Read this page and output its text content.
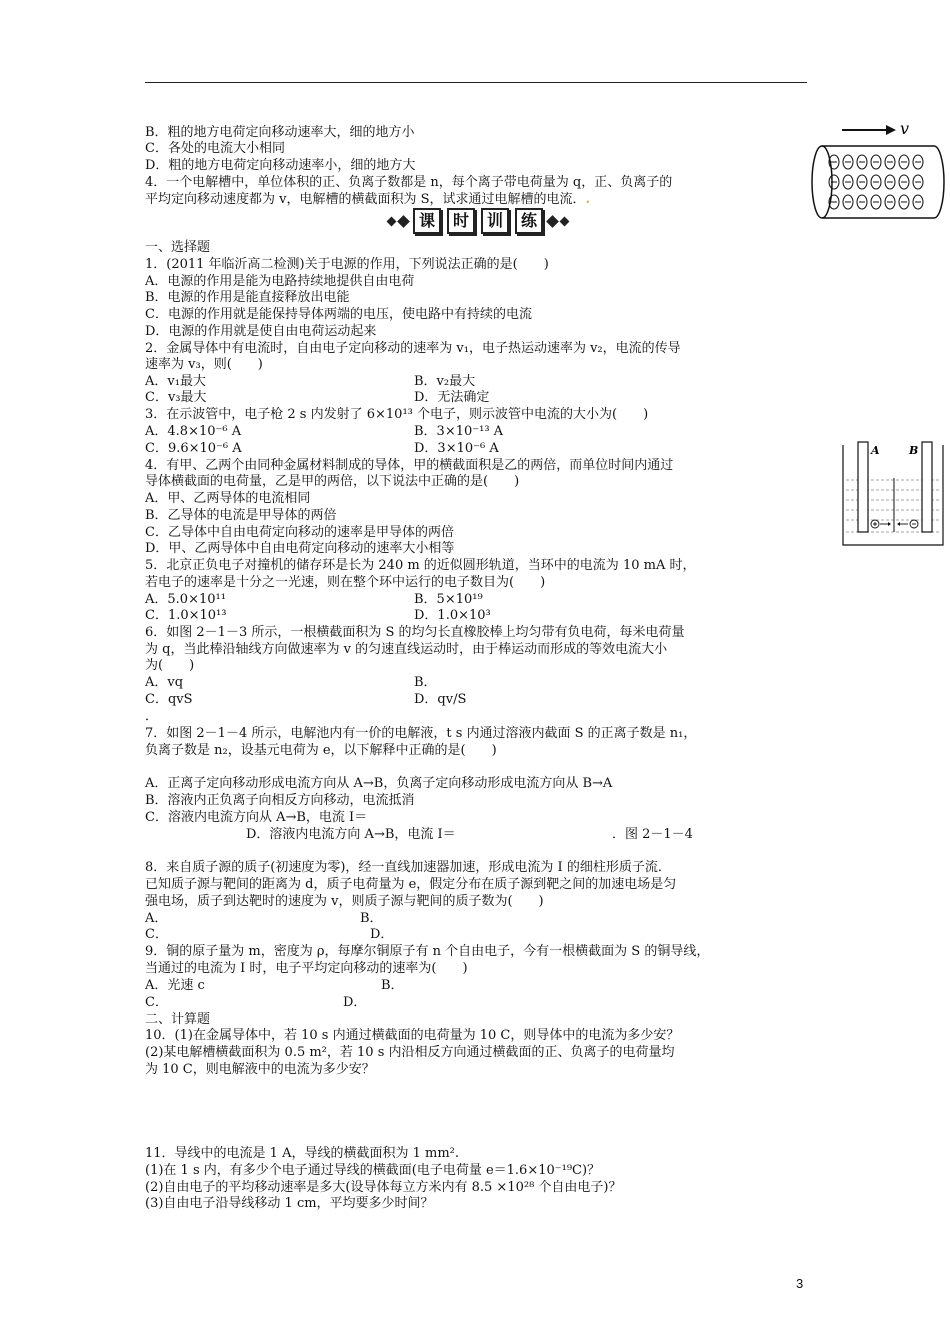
B．粗的地方电荷定向移动速率大，细的地方小
C．各处的电流大小相同
D．粗的地方电荷定向移动速率小，细的地方大
4．一个电解槽中，单位体积的正、负离子数都是 n，每个离子带电荷量为 q，正、负离子的
平均定向移动速度都为 v，电解槽的横截面积为 S，试求通过电解槽的电流．.
课	时	训	练
一、选择题
1．(2011 年临沂高二检测)关于电源的作用，下列说法正确的是(　　)
A．电源的作用是能为电路持续地提供自由电荷
B．电源的作用是能直接释放出电能
C．电源的作用就是能保持导体两端的电压，使电路中有持续的电流
D．电源的作用就是使自由电荷运动起来
2．金属导体中有电流时，自由电子定向移动的速率为 v₁，电子热运动速率为 v₂，电流的传导
速率为 v₃，则(　　)
A．v₁最大	B．v₂最大
C．v₃最大	D．无法确定
3．在示波管中，电子枪 2 s 内发射了 6×10¹³ 个电子，则示波管中电流的大小为(　　)
A．4.8×10⁻⁶ A	B．3×10⁻¹³ A
C．9.6×10⁻⁶ A	D．3×10⁻⁶ A
4．有甲、乙两个由同种金属材料制成的导体，甲的横截面积是乙的两倍，而单位时间内通过
导体横截面的电荷量，乙是甲的两倍，以下说法中正确的是(　　)
A．甲、乙两导体的电流相同
B．乙导体的电流是甲导体的两倍
C．乙导体中自由电荷定向移动的速率是甲导体的两倍
D．甲、乙两导体中自由电荷定向移动的速率大小相等
5．北京正负电子对撞机的储存环是长为 240 m 的近似圆形轨道，当环中的电流为 10 mA 时，
若电子的速率是十分之一光速，则在整个环中运行的电子数目为(　　)
A．5.0×10¹¹	B．5×10¹⁹
C．1.0×10¹³	D．1.0×10³
6．如图 2－1－3 所示，一根横截面积为 S 的均匀长直橡胶棒上均匀带有负电荷，每米电荷量
为 q，当此棒沿轴线方向做速率为 v 的匀速直线运动时，由于棒运动而形成的等效电流大小
为(　　)
A．vq	B．
C．qvS	D．qv/S
．
7．如图 2－1－4 所示，电解池内有一价的电解液，t s 内通过溶液内截面 S 的正离子数是 n₁，
负离子数是 n₂，设基元电荷为 e，以下解释中正确的是(　　)
A．正离子定向移动形成电流方向从 A→B，负离子定向移动形成电流方向从 B→A
B．溶液内正负离子向相反方向移动，电流抵消
C．溶液内电流方向从 A→B，电流 I＝
D．溶液内电流方向 A→B，电流 I＝	．图 2－1－4
8．来自质子源的质子(初速度为零)，经一直线加速器加速，形成电流为 I 的细柱形质子流．
已知质子源与靶间的距离为 d，质子电荷量为 e，假定分布在质子源到靶之间的加速电场是匀
强电场，质子到达靶时的速度为 v，则质子源与靶间的质子数为(　　)
A．	B．
C．	D．
9．铜的原子量为 m，密度为 ρ，每摩尔铜原子有 n 个自由电子，今有一根横截面为 S 的铜导线，
当通过的电流为 I 时，电子平均定向移动的速率为(　　)
A．光速 c	B．
C．	D．
二、计算题
10．(1)在金属导体中，若 10 s 内通过横截面的电荷量为 10 C，则导体中的电流为多少安？
(2)某电解槽横截面积为 0.5 m²，若 10 s 内沿相反方向通过横截面的正、负离子的电荷量均
为 10 C，则电解液中的电流为多少安？
11．导线中的电流是 1 A，导线的横截面积为 1 mm².
(1)在 1 s 内，有多少个电子通过导线的横截面(电子电荷量 e＝1.6×10⁻¹⁹C)？
(2)自由电子的平均移动速率是多大(设导体每立方米内有 8.5 ×10²⁸ 个自由电子)？
(3)自由电子沿导线移动 1 cm，平均要多少时间？
v
A	B
3
